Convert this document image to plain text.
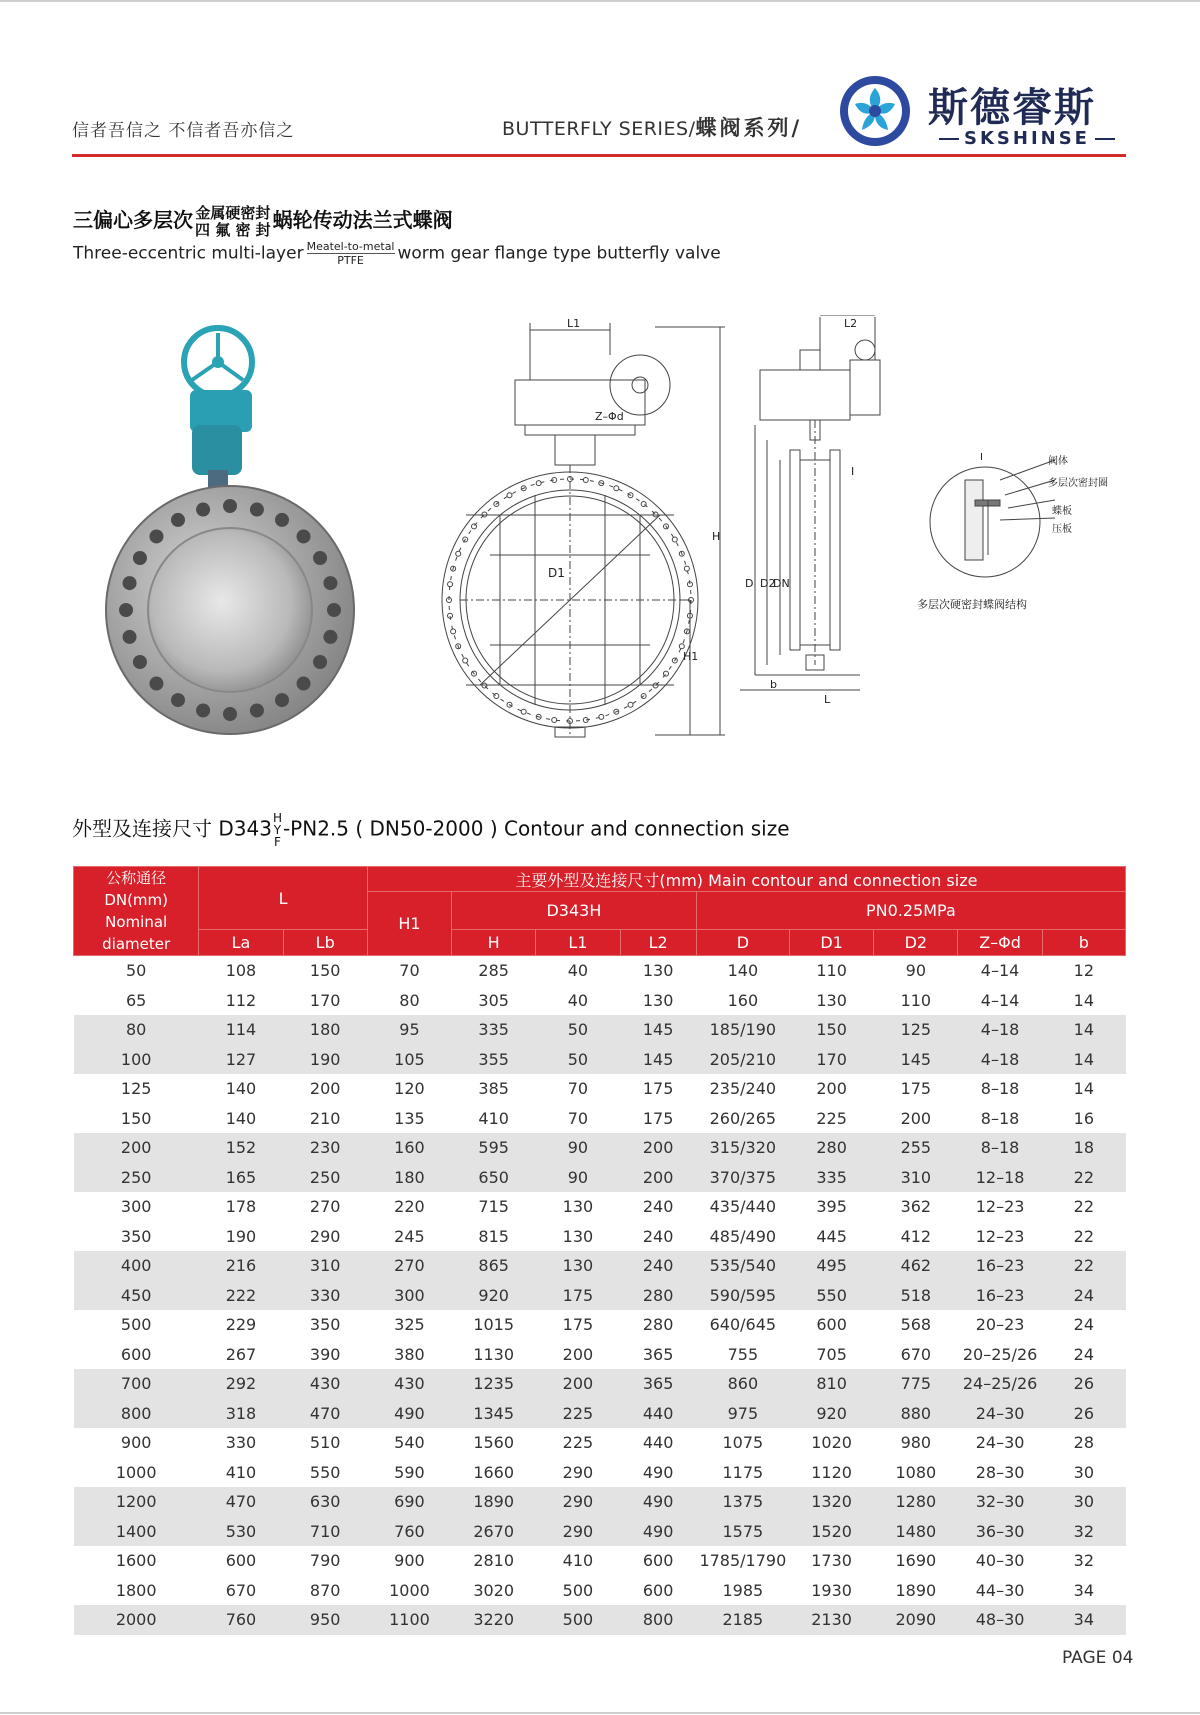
信者吾信之 不信者吾亦信之	BUTTERFLY SERIES/蝶阀系列/	斯德睿斯
SKSHINSE
三偏心多层次 金属硬密封
四 氟 密 封 蜗轮传动法兰式蝶阀
Three-eccentric multi-layer Meatel-to-metal
PTFE	worm gear flange type butterfly valve
L1
Z–Φd
D1
H
H1
L2
I
D D2
DN
b
L
I	阀体
多层次密封圈
蝶板
压板
多层次硬密封蝶阀结构
外型及连接尺寸 D343 H
Y
F
-PN2.5 ( DN50-2000 ) Contour and connection size
公称通径
DN(mm)
Nominal diameter	L		主要外型及连接尺寸(mm) Main contour and connection size								
			H1	D343H			PN0.25MPa				
	La	Lb		H	L1	L2	D	D1	D2	Z–Φd	b
50	108	150	70	285	40	130	140	110	90	4–14	12
65	112	170	80	305	40	130	160	130	110	4–14	14
80	114	180	95	335	50	145	185/190	150	125	4–18	14
100	127	190	105	355	50	145	205/210	170	145	4–18	14
125	140	200	120	385	70	175	235/240	200	175	8–18	14
150	140	210	135	410	70	175	260/265	225	200	8–18	16
200	152	230	160	595	90	200	315/320	280	255	8–18	18
250	165	250	180	650	90	200	370/375	335	310	12–18	22
300	178	270	220	715	130	240	435/440	395	362	12–23	22
350	190	290	245	815	130	240	485/490	445	412	12–23	22
400	216	310	270	865	130	240	535/540	495	462	16–23	22
450	222	330	300	920	175	280	590/595	550	518	16–23	24
500	229	350	325	1015	175	280	640/645	600	568	20–23	24
600	267	390	380	1130	200	365	755	705	670	20–25/26	24
700	292	430	430	1235	200	365	860	810	775	24–25/26	26
800	318	470	490	1345	225	440	975	920	880	24–30	26
900	330	510	540	1560	225	440	1075	1020	980	24–30	28
1000	410	550	590	1660	290	490	1175	1120	1080	28–30	30
1200	470	630	690	1890	290	490	1375	1320	1280	32–30	30
1400	530	710	760	2670	290	490	1575	1520	1480	36–30	32
1600	600	790	900	2810	410	600	1785/1790	1730	1690	40–30	32
1800	670	870	1000	3020	500	600	1985	1930	1890	44–30	34
2000	760	950	1100	3220	500	800	2185	2130	2090	48–30	34
PAGE 04
